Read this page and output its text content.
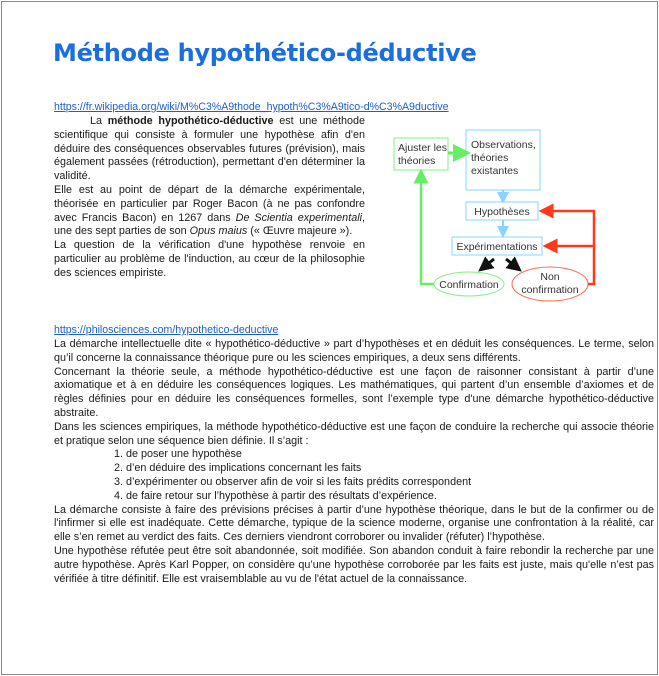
Méthode hypothético-déductive
https://fr.wikipedia.org/wiki/M%C3%A9thode_hypoth%C3%A9tico-d%C3%A9ductive

La méthode hypothético-déductive est une méthode scientifique qui consiste à formuler une hypothèse afin d'en déduire des conséquences observables futures (prévision), mais également passées (rétroduction), permettant d'en déterminer la validité.

Elle est au point de départ de la démarche expérimentale, théorisée en particulier par Roger Bacon (à ne pas confondre avec Francis Bacon) en 1267 dans De Scientia experimentali, une des sept parties de son Opus maius (« Œuvre majeure »).

La question de la vérification d'une hypothèse renvoie en particulier au problème de l'induction, au cœur de la philosophie des sciences empiriste.

Ajuster les
théories
Observations,
théories
existantes
Hypothèses
Expérimentations
Confirmation
Non
confirmation
https://philosciences.com/hypothetico-deductive

La démarche intellectuelle dite « hypothético-déductive » part d’hypothèses et en déduit les conséquences. Le terme, selon qu’il concerne la connaissance théorique pure ou les sciences empiriques, a deux sens différents.

Concernant la théorie seule, a méthode hypothético-déductive est une façon de raisonner consistant à partir d’une axiomatique et à en déduire les conséquences logiques. Les mathématiques, qui partent d’un ensemble d’axiomes et de règles définies pour en déduire les conséquences formelles, sont l’exemple type d'une démarche hypothético-déductive abstraite.

Dans les sciences empiriques, la méthode hypothético-déductive est une façon de conduire la recherche qui associe théorie et pratique selon une séquence bien définie. Il s’agit :

1. de poser une hypothèse
2. d’en déduire des implications concernant les faits
3. d’expérimenter ou observer afin de voir si les faits prédits correspondent
4. de faire retour sur l’hypothèse à partir des résultats d’expérience.

La démarche consiste à faire des prévisions précises à partir d’une hypothèse théorique, dans le but de la confirmer ou de l'infirmer si elle est inadéquate. Cette démarche, typique de la science moderne, organise une confrontation à la réalité, car elle s’en remet au verdict des faits. Ces derniers viendront corroborer ou invalider (réfuter) l’hypothèse.

Une hypothèse réfutée peut être soit abandonnée, soit modifiée. Son abandon conduit à faire rebondir la recherche par une autre hypothèse. Après Karl Popper, on considère qu’une hypothèse corroborée par les faits est juste, mais qu'elle n’est pas vérifiée à titre définitif. Elle est vraisemblable au vu de l'état actuel de la connaissance.
